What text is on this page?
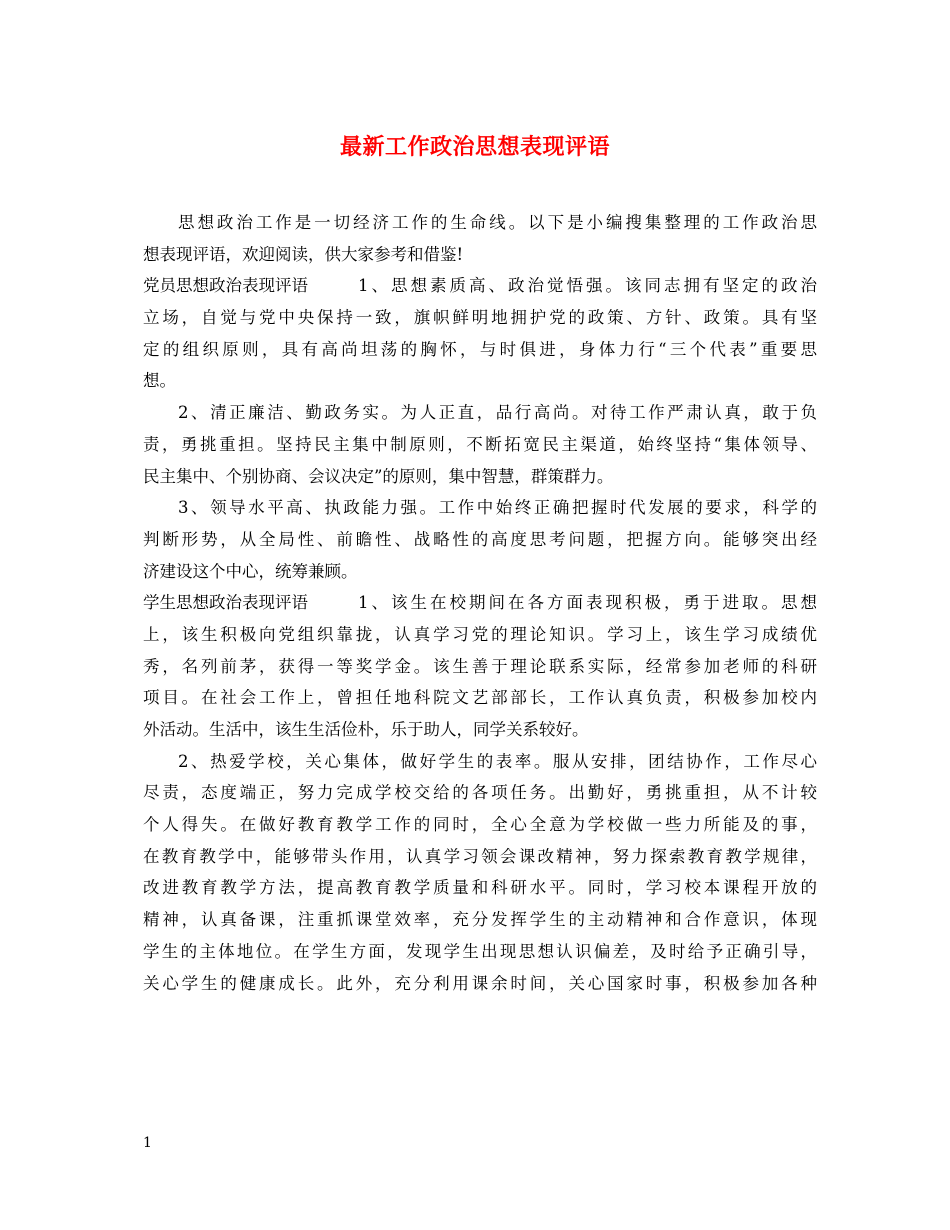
最新工作政治思想表现评语
思想政治工作是一切经济工作的生命线。以下是小编搜集整理的工作政治思
想表现评语，欢迎阅读，供大家参考和借鉴!
党员思想政治表现评语	1、思想素质高、政治觉悟强。该同志拥有坚定的政治
立场，自觉与党中央保持一致，旗帜鲜明地拥护党的政策、方针、政策。具有坚
定的组织原则，具有高尚坦荡的胸怀，与时俱进，身体力行“三个代表”重要思
想。
2、清正廉洁、勤政务实。为人正直，品行高尚。对待工作严肃认真，敢于负
责，勇挑重担。坚持民主集中制原则，不断拓宽民主渠道，始终坚持“集体领导、
民主集中、个别协商、会议决定”的原则，集中智慧，群策群力。
3、领导水平高、执政能力强。工作中始终正确把握时代发展的要求，科学的
判断形势，从全局性、前瞻性、战略性的高度思考问题，把握方向。能够突出经
济建设这个中心，统筹兼顾。
学生思想政治表现评语	1、该生在校期间在各方面表现积极，勇于进取。思想
上，该生积极向党组织靠拢，认真学习党的理论知识。学习上，该生学习成绩优
秀，名列前茅，获得一等奖学金。该生善于理论联系实际，经常参加老师的科研
项目。在社会工作上，曾担任地科院文艺部部长，工作认真负责，积极参加校内
外活动。生活中，该生生活俭朴，乐于助人，同学关系较好。
2、热爱学校，关心集体，做好学生的表率。服从安排，团结协作，工作尽心
尽责，态度端正，努力完成学校交给的各项任务。出勤好，勇挑重担，从不计较
个人得失。在做好教育教学工作的同时，全心全意为学校做一些力所能及的事，
在教育教学中，能够带头作用，认真学习领会课改精神，努力探索教育教学规律，
改进教育教学方法，提高教育教学质量和科研水平。同时，学习校本课程开放的
精神，认真备课，注重抓课堂效率，充分发挥学生的主动精神和合作意识，体现
学生的主体地位。在学生方面，发现学生出现思想认识偏差，及时给予正确引导，
关心学生的健康成长。此外，充分利用课余时间，关心国家时事，积极参加各种
1
